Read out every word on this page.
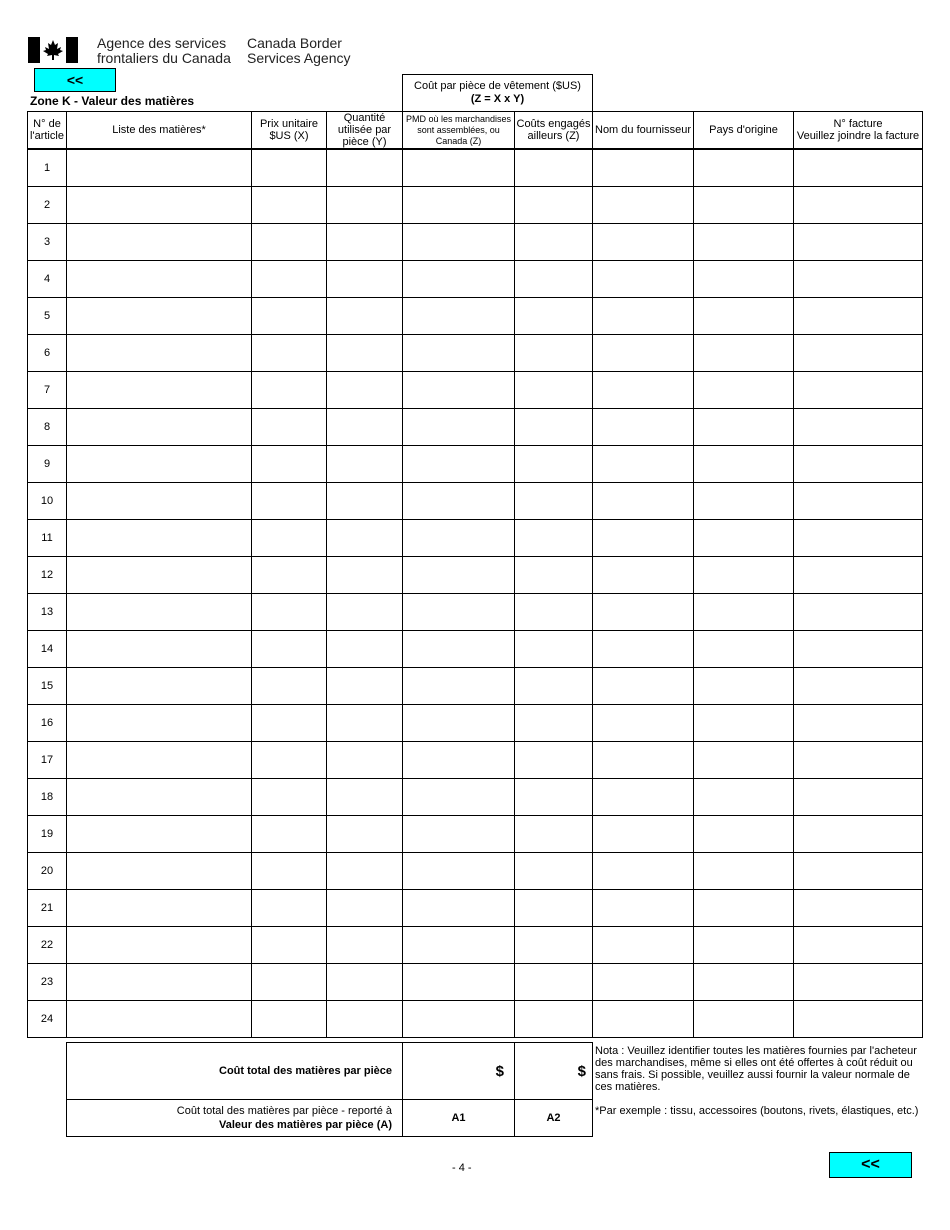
Agence des services
frontaliers du Canada
Canada Border
Services Agency
<<
Zone K - Valeur des matières
Coût par pièce de vêtement ($US)
(Z = X x Y)
N° de l'article	Liste des matières*	Prix unitaire $US (X)	Quantité utilisée par pièce (Y)	PMD où les marchandises sont assemblées, ou Canada (Z)	Coûts engagés ailleurs (Z)	Nom du fournisseur	Pays d'origine	N° facture
Veuillez joindre la facture

1								
2								
3								
4								
5								
6								
7								
8								
9								
10								
11								
12								
13								
14								
15								
16								
17								
18								
19								
20								
21								
22								
23								
24								
Coût total des matières par pièce	$	$

Coût total des matières par pièce - reporté à
Valeur des matières par pièce (A)	A1	A2
Nota : Veuillez identifier toutes les matières fournies par l'acheteur des marchandises, même si elles ont été offertes à coût réduit ou sans frais. Si possible, veuillez aussi fournir la valeur normale de ces matières.
*Par exemple : tissu, accessoires (boutons, rivets, élastiques, etc.)
- 4 -	<<
